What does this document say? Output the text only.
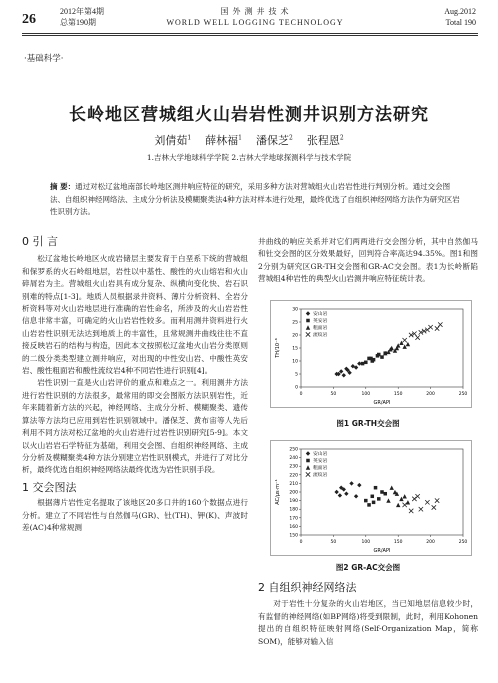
26
2012年第4期
总第190期
国 外 测 井 技 术
WORLD WELL LOGGING TECHNOLOGY
Aug.2012
Total 190
·基础科学·
长岭地区营城组火山岩岩性测井识别方法研究
刘倩茹$^1$ 薛林福$^1$ 潘保芝$^2$ 张程恩$^2$
1.吉林大学地球科学学院 2.吉林大学地球探测科学与技术学院
摘 要：通过对松辽盆地南部长岭地区测井响应特征的研究，采用多种方法对营城组火山岩岩性进行判别分析。通过交会图法、自组织神经网络法、主成分分析法及模糊聚类法4种方法对样本进行处理，最终优选了自组织神经网络方法作为研究区岩性识别方法。
0 引 言

松辽盆地长岭地区火成岩储层主要发育于白垩系下统的营城组和保罗系的火石岭组地层，岩性以中基性、酸性的火山熔岩和火山碎屑岩为主。营城组火山岩具有成分复杂、纵横向变化快、岩石识别难的特点[1-3]。地质人员根据录井资料、薄片分析资料、全岩分析资料等对火山岩地层进行准确的岩性命名，所涉及的火山岩岩性信息非常丰富，可确定的火山岩岩性较多。而利用测井资料进行火山岩岩性识别无法达到地质上的丰富性，且常规测井曲线往往不直接反映岩石的结构与构造，因此本文按照松辽盆地火山岩分类原则的二级分类类型建立测井响应，对出现的中性安山岩、中酸性英安岩、酸性粗面岩和酸性流纹岩4种不同岩性进行识别[4]。

岩性识别一直是火山岩评价的重点和难点之一。利用测井方法进行岩性识别的方法很多，最常用的即交会图版方法识别岩性，近年来随着新方法的兴起，神经网络、主成分分析、模糊聚类、遗传算法等方法均已应用到岩性识别领域中。潘保芝、黄布宙等人先后利用不同方法对松辽盆地的火山岩进行过岩性识别研究[5-9]。本文以火山岩岩石学特征为基础，利用交会图、自组织神经网络、主成分分析及模糊聚类4种方法分别建立岩性识别模式，并进行了对比分析，最终优选自组织神经网络法最终优选为岩性识别手段。

1 交会图法

根据薄片岩性定名提取了该地区20多口井的160个数据点进行分析。建立了不同岩性与自然伽马(GR)、钍(TH)、钾(K)、声波时差(AC)4种常规测

井曲线的响应关系并对它们两两进行交会图分析，其中自然伽马和钍交会图的区分效果最好，回判符合率高达94.35%。图1和图2分别为研究区GR-TH交会图和GR-AC交会图。表1为长岭断陷营城组4种岩性的典型火山岩测井响应特征统计表。

0	50	100	150	200	250
0
5
10
15
20
25
30
GR/API
TH/10⁻⁶
安山岩
英安岩
粗面岩
流纹岩
图1 GR-TH交会图
0	50	100	150	200	250
150
160
170
180
190
200
210
220
230
240
250
GR/API
AC/μs·m⁻¹
安山岩
英安岩
粗面岩
流纹岩
图2 GR-AC交会图
2 自组织神经网络法

对于岩性十分复杂的火山岩地区，当已知地层信息较少时，有监督的神经网络(如BP网络)将受到限制，此时，利用Kohonen提出的自组织特征映射网络(Self-Organization Map，简称SOM)，能够对输入信
